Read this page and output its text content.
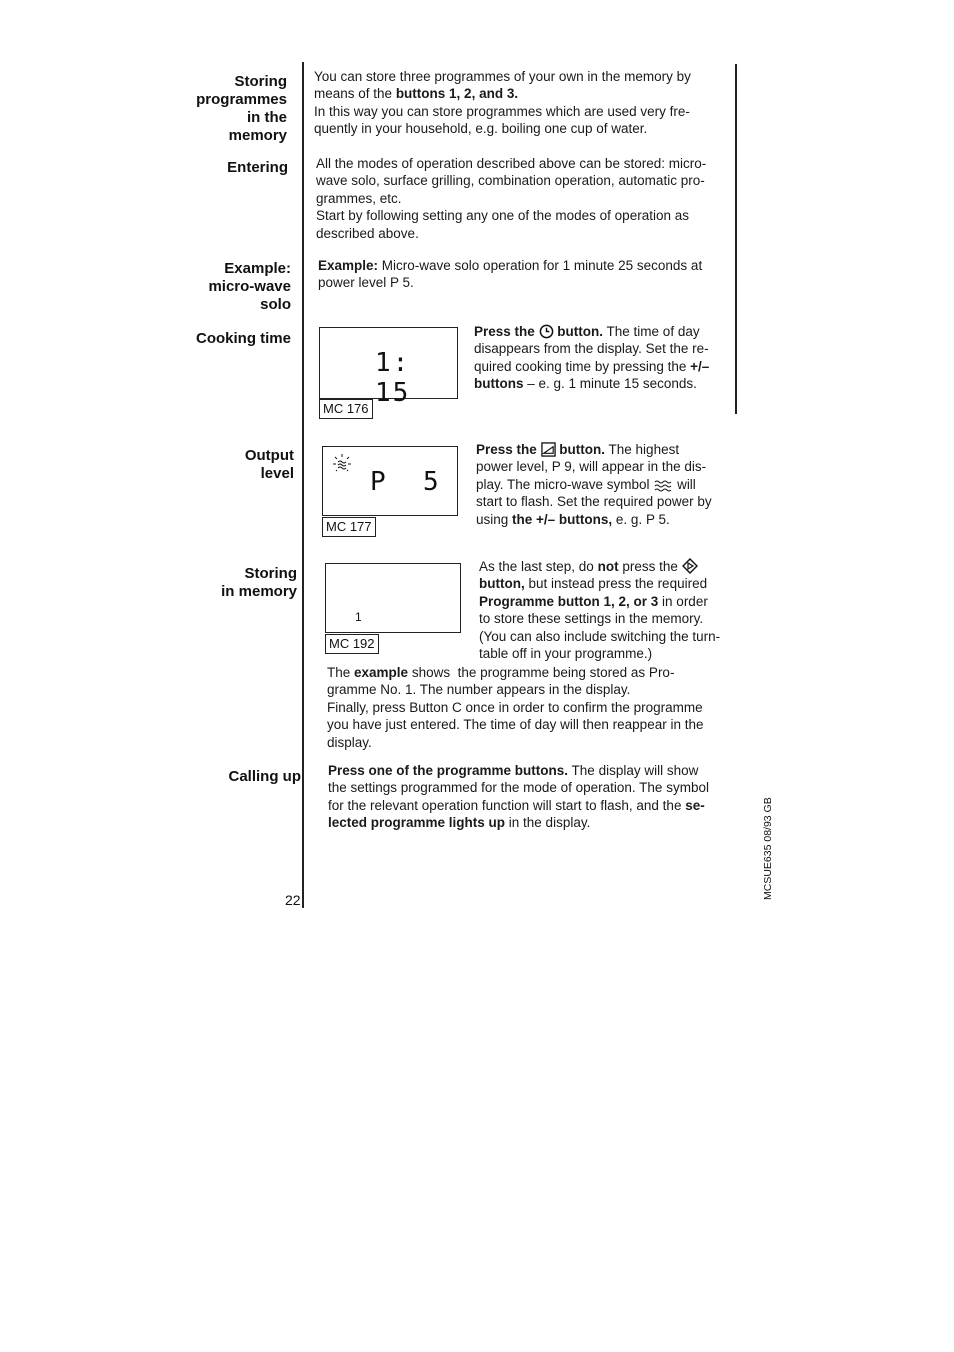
Storing
programmes
in the
memory
Entering
Example:
micro-wave
solo
Cooking time
Output
level
Storing
in memory
Calling up
You can store three programmes of your own in the memory by
means of the buttons 1, 2, and 3.
In this way you can store programmes which are used very fre-
quently in your household, e.g. boiling one cup of water.
All the modes of operation described above can be stored: micro-
wave solo, surface grilling, combination operation, automatic pro-
grammes, etc.
Start by following setting any one of the modes of operation as
described above.
Example: Micro-wave solo operation for 1 minute 25 seconds at
power level P 5.
1: 15
MC 176
Press the  button. The time of day
disappears from the display. Set the re-
quired cooking time by pressing the +/–
buttons – e. g. 1 minute 15 seconds.
P  5
MC 177
Press the  button. The highest
power level, P 9, will appear in the dis-
play. The micro-wave symbol  will
start to flash. Set the required power by
using the +/– buttons, e. g. P 5.
1
MC 192
As the last step, do not press the
button, but instead press the required
Programme button 1, 2, or 3 in order
to store these settings in the memory.
(You can also include switching the turn-
table off in your programme.)
The example shows  the programme being stored as Pro-
gramme No. 1. The number appears in the display.
Finally, press Button C once in order to confirm the programme
you have just entered. The time of day will then reappear in the
display.
Press one of the programme buttons. The display will show
the settings programmed for the mode of operation. The symbol
for the relevant operation function will start to flash, and the se-
lected programme lights up in the display.
22	MCSUE635 08/93 GB
